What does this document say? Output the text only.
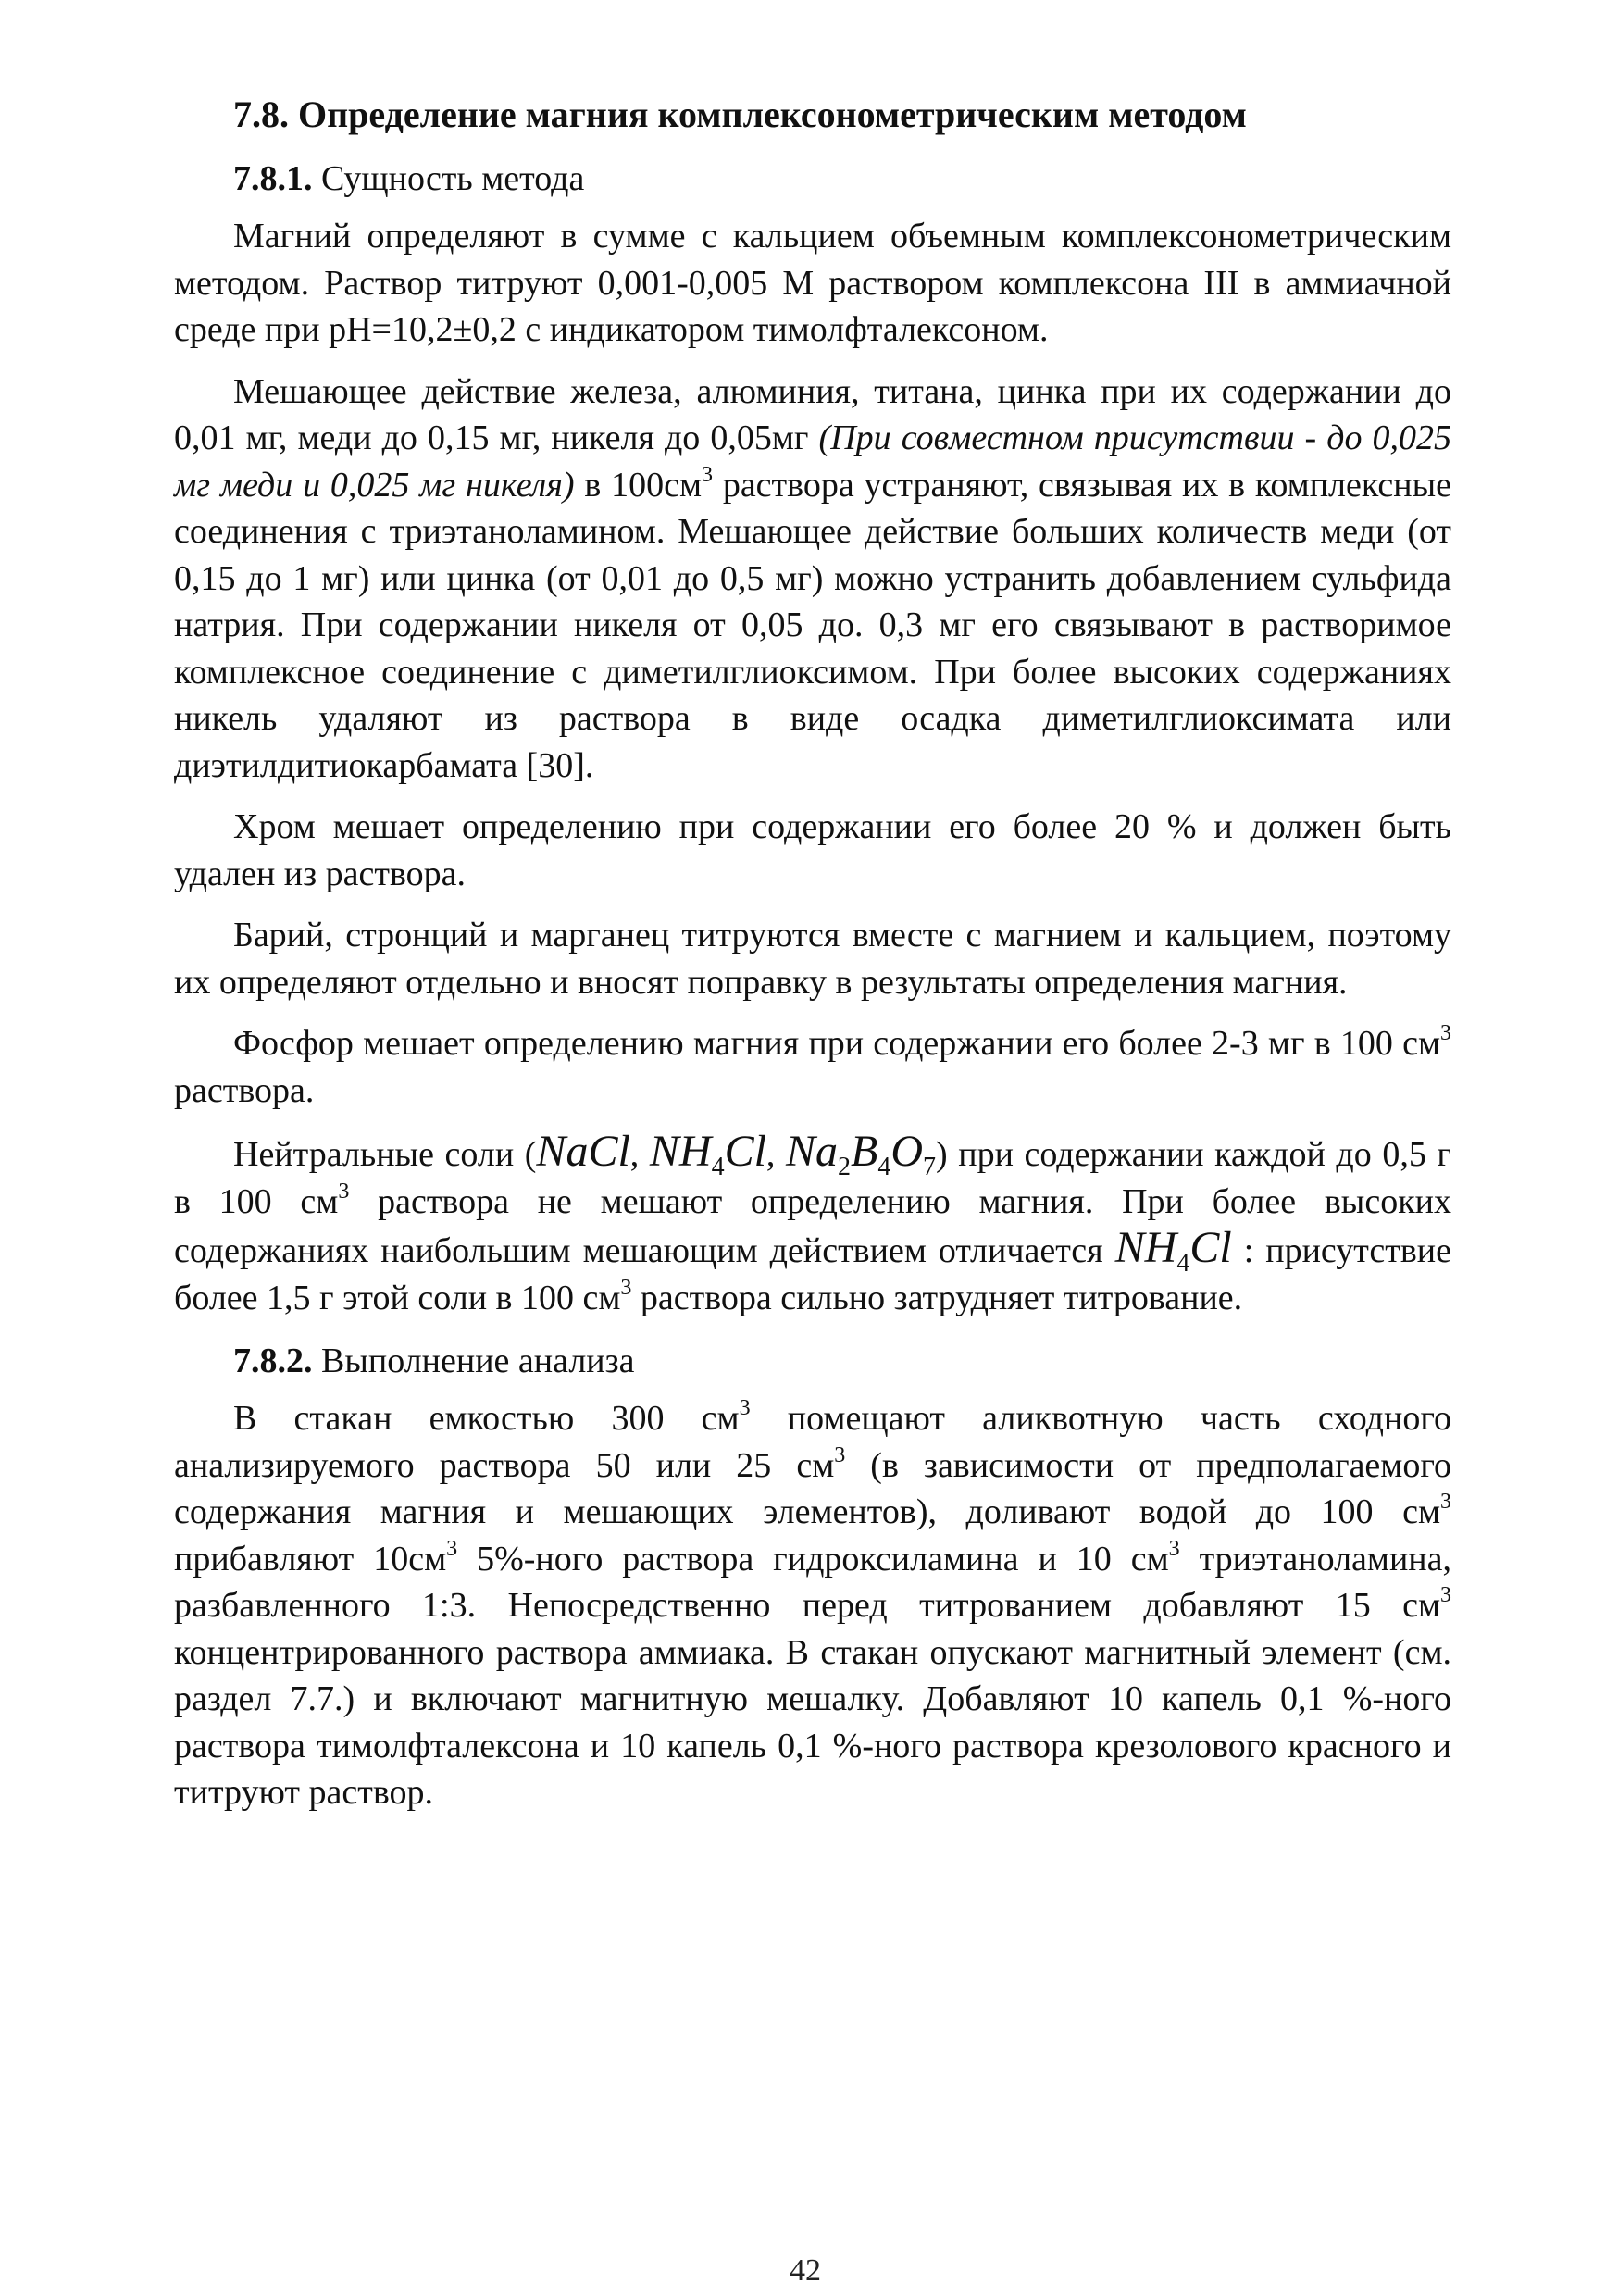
7.8. Определение магния комплексонометрическим методом
7.8.1. Сущность метода

Магний определяют в сумме с кальцием объемным комплексонометрическим методом. Раствор титруют 0,001-0,005 М раствором комплексона III в аммиачной среде при рН=10,2±0,2 с индикатором тимолфталексоном.

Мешающее действие железа, алюминия, титана, цинка при их содержании до 0,01 мг, меди до 0,15 мг, никеля до 0,05мг (При совместном присутствии - до 0,025 мг меди и 0,025 мг никеля) в $100см^3$ раствора устраняют, связывая их в комплексные соединения с триэтаноламином. Мешающее действие больших количеств меди (от 0,15 до 1 мг) или цинка (от 0,01 до 0,5 мг) можно устранить добавлением сульфида натрия. При содержании никеля от 0,05 до. 0,3 мг его связывают в растворимое комплексное соединение с диметилглиоксимом. При более высоких содержаниях никель удаляют из раствора в виде осадка диметилглиоксимата или диэтилдитиокарбамата [30].

Хром мешает определению при содержании его более 20 % и должен быть удален из раствора.

Барий, стронций и марганец титруются вместе с магнием и кальцием, поэтому их определяют отдельно и вносят поправку в результаты определения магния.

Фосфор мешает определению магния при содержании его более 2-3 мг в 100 $см^3$ раствора.

Нейтральные соли (NaCl, $NH_4Cl$, $Na_2B_4O_7$) при содержании каждой до 0,5 г в 100 $см^3$ раствора не мешают определению магния. При более высоких содержаниях наибольшим мешающим действием отличается $NH_4Cl$ : присутствие более 1,5 г этой соли в 100 $см^3$ раствора сильно затрудняет титрование.

7.8.2. Выполнение анализа

В стакан емкостью 300 $см^3$ помещают аликвотную часть сходного анализируемого раствора 50 или 25 $см^3$ (в зависимости от предполагаемого содержания магния и мешающих элементов), доливают водой до 100 $см^3$ прибавляют $10см^3$ 5%-ного раствора гидроксиламина и 10 $см^3$ триэтаноламина, разбавленного 1:3. Непосредственно перед титрованием добавляют 15 $см^3$ концентрированного раствора аммиака. В стакан опускают магнитный элемент (см. раздел 7.7.) и включают магнитную мешалку. Добавляют 10 капель 0,1 %-ного раствора тимолфталексона и 10 капель 0,1 %-ного раствора крезолового красного и титруют раствор.

42
